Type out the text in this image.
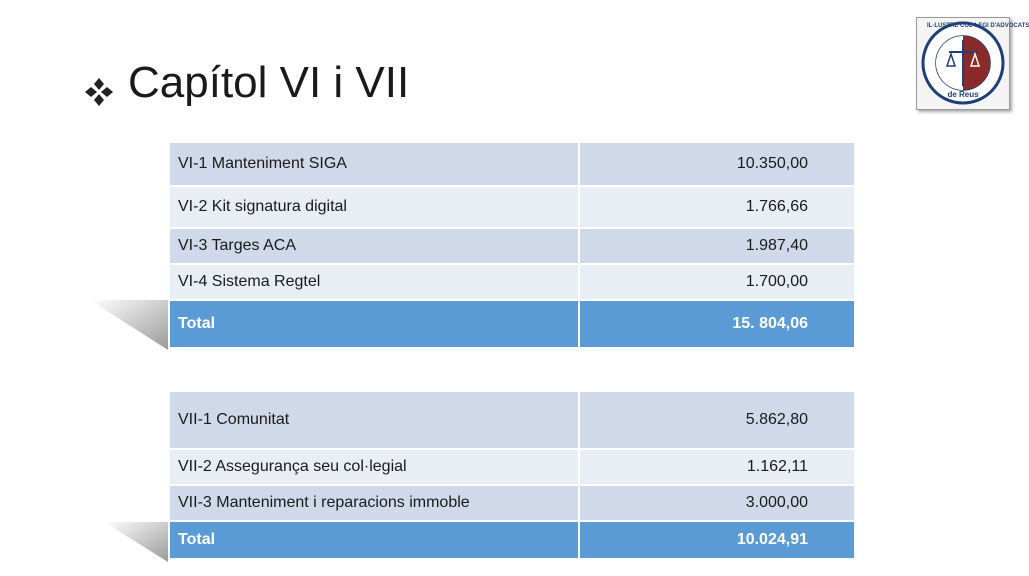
Capítol VI i VII
IL·LUSTRE COL·LEGI D'ADVOCATS
de Reus
VI-1 Manteniment SIGA	10.350,00
VI-2 Kit signatura digital	1.766,66
VI-3 Targes ACA	1.987,40
VI-4 Sistema Regtel	1.700,00
Total	15. 804,06
VII-1 Comunitat	5.862,80
VII-2 Assegurança seu col·legial	1.162,11
VII-3 Manteniment i reparacions immoble	3.000,00
Total	10.024,91
